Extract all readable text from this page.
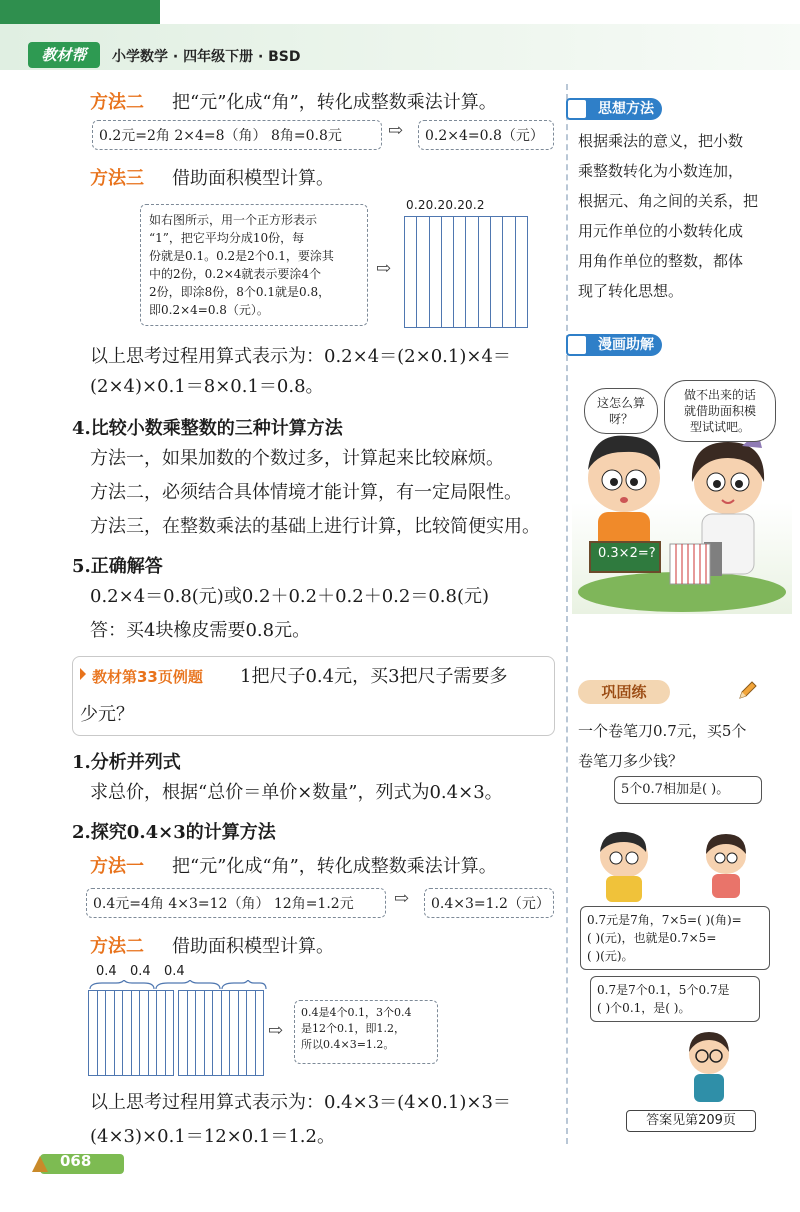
教材帮	小学数学 · 四年级下册 · BSD
方法二 把“元”化成“角”，转化成整数乘法计算。
0.2元=2角 2×4=8（角） 8角=0.8元	⇨	0.2×4=0.8（元）
方法三 借助面积模型计算。
如右图所示，用一个正方形表示
“1”，把它平均分成10份，每
份就是0.1。0.2是2个0.1，要涂其
中的2份，0.2×4就表示要涂4个
2份，即涂8份，8个0.1就是0.8，
即0.2×4=0.8（元）。
⇨
0.20.20.20.2
以上思考过程用算式表示为：0.2×4＝(2×0.1)×4＝
(2×4)×0.1＝8×0.1＝0.8。
4.比较小数乘整数的三种计算方法
方法一，如果加数的个数过多，计算起来比较麻烦。
方法二，必须结合具体情境才能计算，有一定局限性。
方法三，在整数乘法的基础上进行计算，比较简便实用。
5.正确解答
0.2×4＝0.8(元)或0.2＋0.2＋0.2＋0.2＝0.8(元)
答：买4块橡皮需要0.8元。
教材第33页例题 1把尺子0.4元，买3把尺子需要多
少元？
1.分析并列式
求总价，根据“总价＝单价×数量”，列式为0.4×3。
2.探究0.4×3的计算方法
方法一 把“元”化成“角”，转化成整数乘法计算。
0.4元=4角 4×3=12（角） 12角=1.2元	⇨	0.4×3=1.2（元）
方法二 借助面积模型计算。
0.4 0.4 0.4
⇨
0.4是4个0.1，3个0.4
是12个0.1，即1.2，
所以0.4×3=1.2。
以上思考过程用算式表示为：0.4×3＝(4×0.1)×3＝
(4×3)×0.1＝12×0.1＝1.2。
思想方法
根据乘法的意义，把小数
乘整数转化为小数连加，
根据元、角之间的关系，把
用元作单位的小数转化成
用角作单位的整数，都体
现了转化思想。
漫画助解
这怎么算
呀？
做不出来的话
就借助面积模
型试试吧。
0.3×2=?
巩固练
一个卷笔刀0.7元，买5个
卷笔刀多少钱？
5个0.7相加是( )。
0.7元是7角，7×5=( )(角)=
( )(元)，也就是0.7×5=
( )(元)。
0.7是7个0.1，5个0.7是
( )个0.1，是( )。
答案见第209页
068
